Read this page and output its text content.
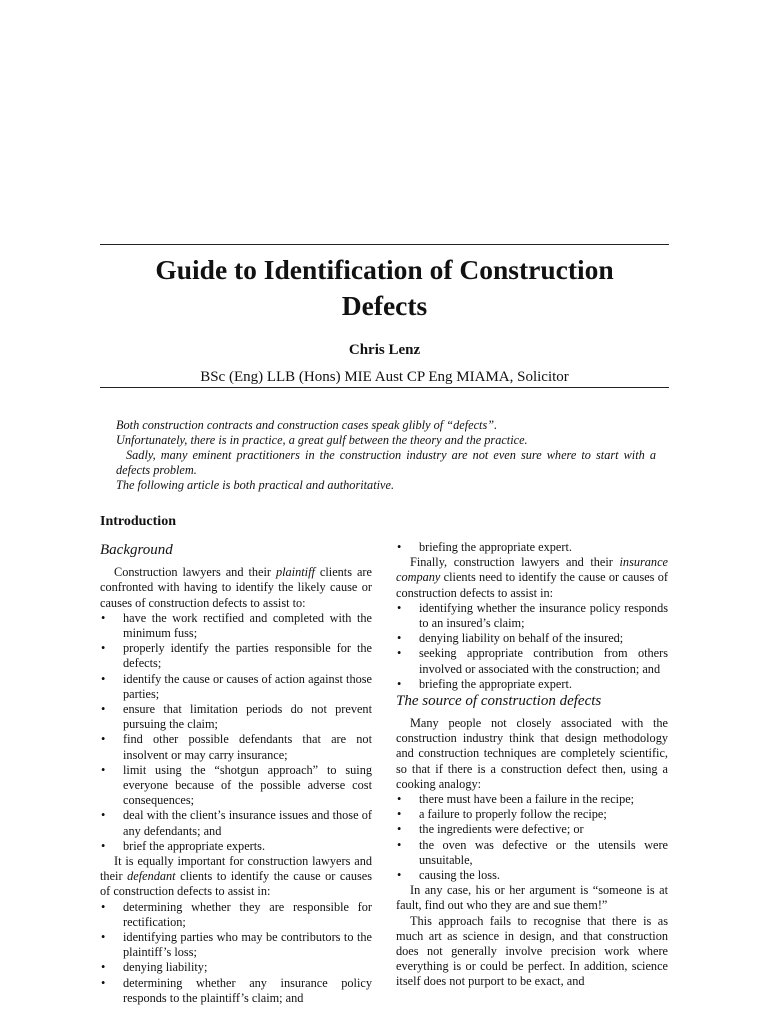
Guide to Identification of Construction
Defects
Chris Lenz
BSc (Eng) LLB (Hons) MIE Aust CP Eng MIAMA, Solicitor

Both construction contracts and construction cases speak glibly of “defects”.

Unfortunately, there is in practice, a great gulf between the theory and the practice.

Sadly, many eminent practitioners in the construction industry are not even sure where to start with a defects problem.

The following article is both practical and authoritative.

Introduction
Background

Construction lawyers and their plaintiff clients are confronted with having to identify the likely cause or causes of construction defects to assist to:

• have the work rectified and completed with the minimum fuss;
• properly identify the parties responsible for the defects;
• identify the cause or causes of action against those parties;
• ensure that limitation periods do not prevent pursuing the claim;
• find other possible defendants that are not insolvent or may carry insurance;
• limit using the “shotgun approach” to suing everyone because of the possible adverse cost consequences;
• deal with the client’s insurance issues and those of any defendants; and
• brief the appropriate experts.

It is equally important for construction lawyers and their defendant clients to identify the cause or causes of construction defects to assist in:

• determining whether they are responsible for rectification;
• identifying parties who may be contributors to the plaintiff’s loss;
• denying liability;
• determining whether any insurance policy responds to the plaintiff’s claim; and
• briefing the appropriate expert.

Finally, construction lawyers and their insurance company clients need to identify the cause or causes of construction defects to assist in:

• identifying whether the insurance policy responds to an insured’s claim;
• denying liability on behalf of the insured;
• seeking appropriate contribution from others involved or associated with the construction; and
• briefing the appropriate expert.
The source of construction defects

Many people not closely associated with the construction industry think that design methodology and construction techniques are completely scientific, so that if there is a construction defect then, using a cooking analogy:

• there must have been a failure in the recipe;
• a failure to properly follow the recipe;
• the ingredients were defective; or
• the oven was defective or the utensils were unsuitable,
• causing the loss.

In any case, his or her argument is “someone is at fault, find out who they are and sue them!”

This approach fails to recognise that there is as much art as science in design, and that construction does not generally involve precision work where everything is or could be perfect. In addition, science itself does not purport to be exact, and
